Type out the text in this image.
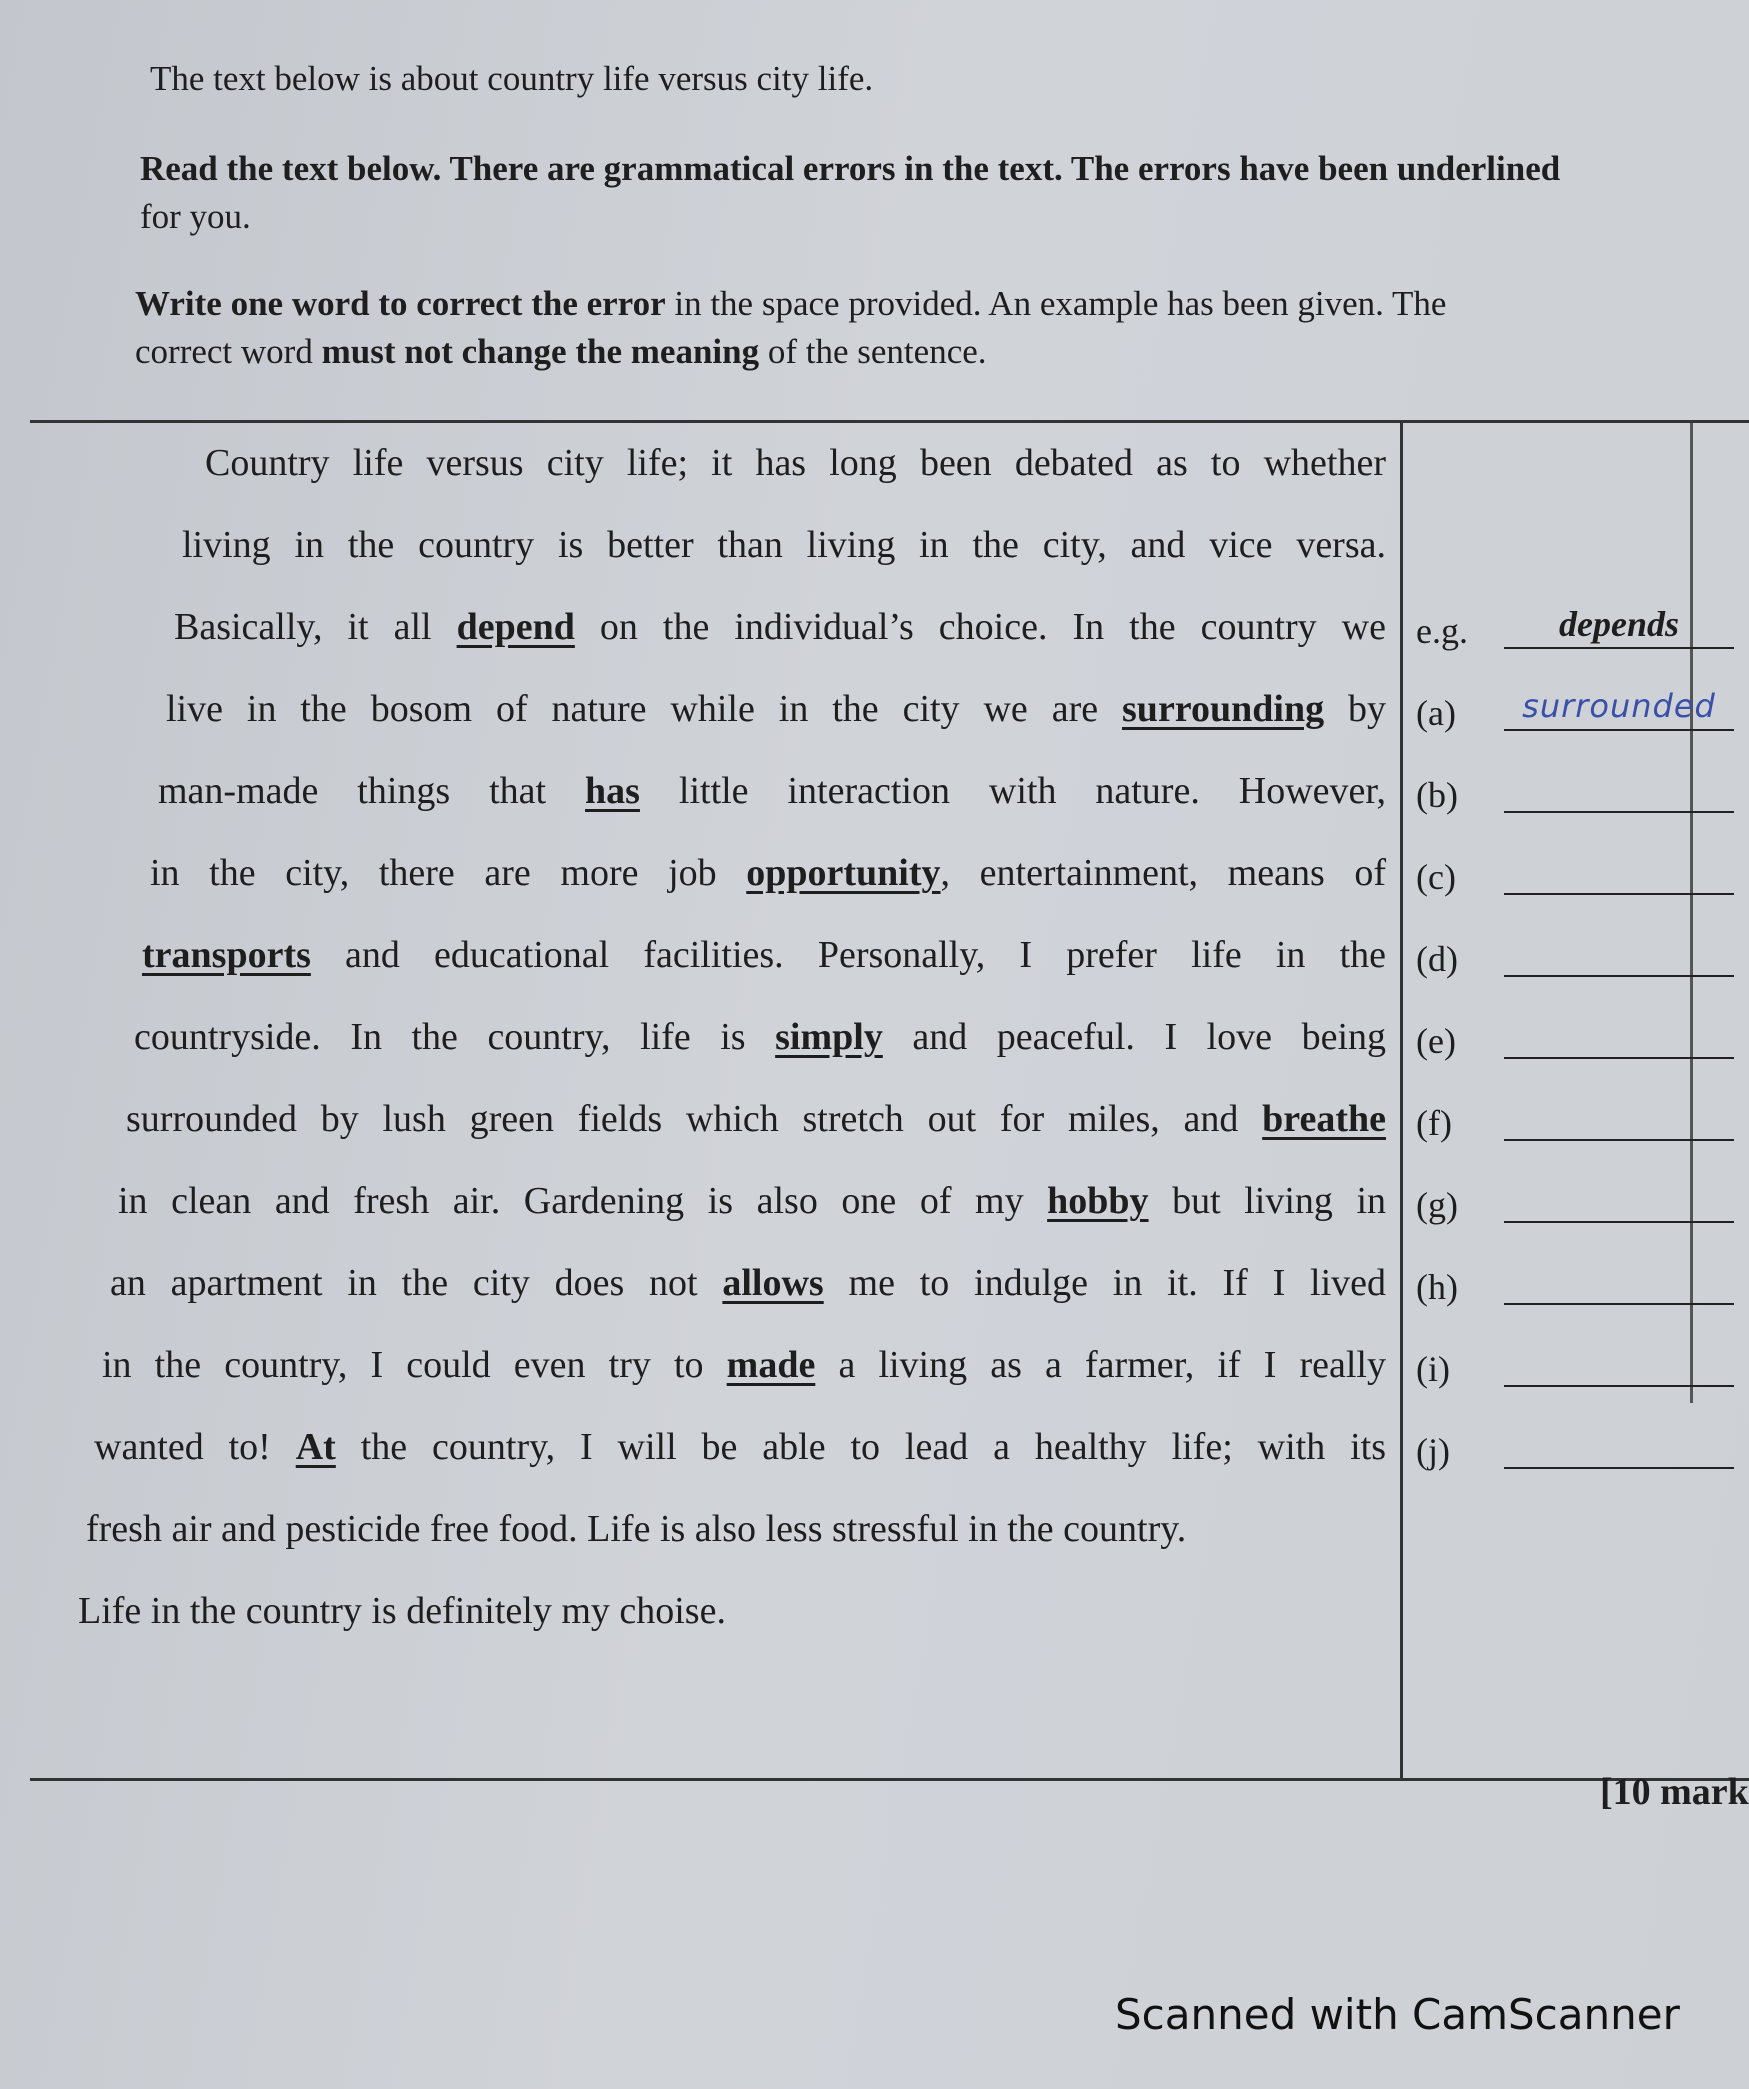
The text below is about country life versus city life.

Read the text below. There are grammatical errors in the text. The errors have been underlined
for you.

Write one word to correct the error in the space provided. An example has been given. The
correct word must not change the meaning of the sentence.

Country life versus city life; it has long been debated as to whether
living in the country is better than living in the city, and vice versa.
Basically, it all depend on the individual’s choice. In the country we
live in the bosom of nature while in the city we are surrounding by
man-made things that has little interaction with nature. However,
in the city, there are more job opportunity, entertainment, means of
transports and educational facilities. Personally, I prefer life in the
countryside. In the country, life is simply and peaceful. I love being
surrounded by lush green fields which stretch out for miles, and breathe
in clean and fresh air. Gardening is also one of my hobby but living in
an apartment in the city does not allows me to indulge in it. If I lived
in the country, I could even try to made a living as a farmer, if I really
wanted to! At the country, I will be able to lead a healthy life; with its
fresh air and pesticide free food. Life is also less stressful in the country.
Life in the country is definitely my choise.
e.g.	depends
(a)	surrounded
(b)
(c)
(d)
(e)
(f)
(g)
(h)
(i)
(j)
[10 mark
Scanned with CamScanner
